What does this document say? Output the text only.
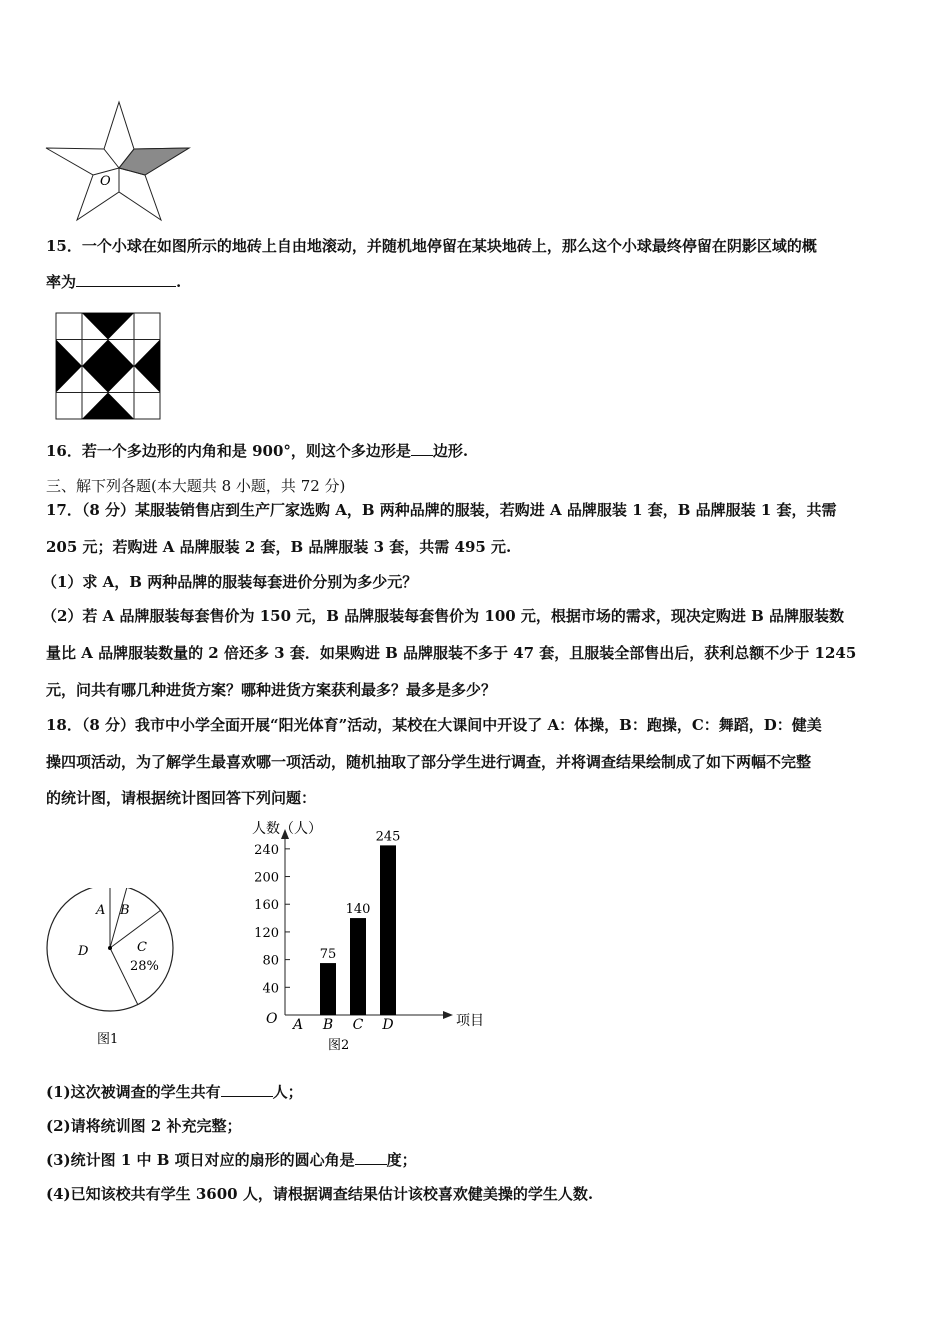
O
15．一个小球在如图所示的地砖上自由地滚动，并随机地停留在某块地砖上，那么这个小球最终停留在阴影区域的概
率为	.
16．若一个多边形的内角和是 900°，则这个多边形是 边形.
三、解下列各题(本大题共 8 小题，共 72 分)
17．（8 分）某服装销售店到生产厂家选购 A，B 两种品牌的服装，若购进 A 品牌服装 1 套，B 品牌服装 1 套，共需
205 元；若购进 A 品牌服装 2 套，B 品牌服装 3 套，共需 495 元.
（1）求 A，B 两种品牌的服装每套进价分别为多少元？
（2）若 A 品牌服装每套售价为 150 元，B 品牌服装每套售价为 100 元，根据市场的需求，现决定购进 B 品牌服装数
量比 A 品牌服装数量的 2 倍还多 3 套．如果购进 B 品牌服装不多于 47 套，且服装全部售出后，获利总额不少于 1245
元，问共有哪几种进货方案？哪种进货方案获利最多？最多是多少？
18．（8 分）我市中小学全面开展“阳光体育”活动，某校在大课间中开设了 A：体操，B：跑操，C：舞蹈，D：健美
操四项活动，为了解学生最喜欢哪一项活动，随机抽取了部分学生进行调查，并将调查结果绘制成了如下两幅不完整
的统计图，请根据统计图回答下列问题：
A B
C
28%
D
图1
人数（人）
项目
O
40
80
120
160
200
240
75
140
245
A B C D
图2
(1)这次被调查的学生共有	人；
(2)请将统训图 2 补充完整；
(3)统计图 1 中 B 项日对应的扇形的圆心角是 度；
(4)已知该校共有学生 3600 人，请根据调查结果估计该校喜欢健美操的学生人数.
